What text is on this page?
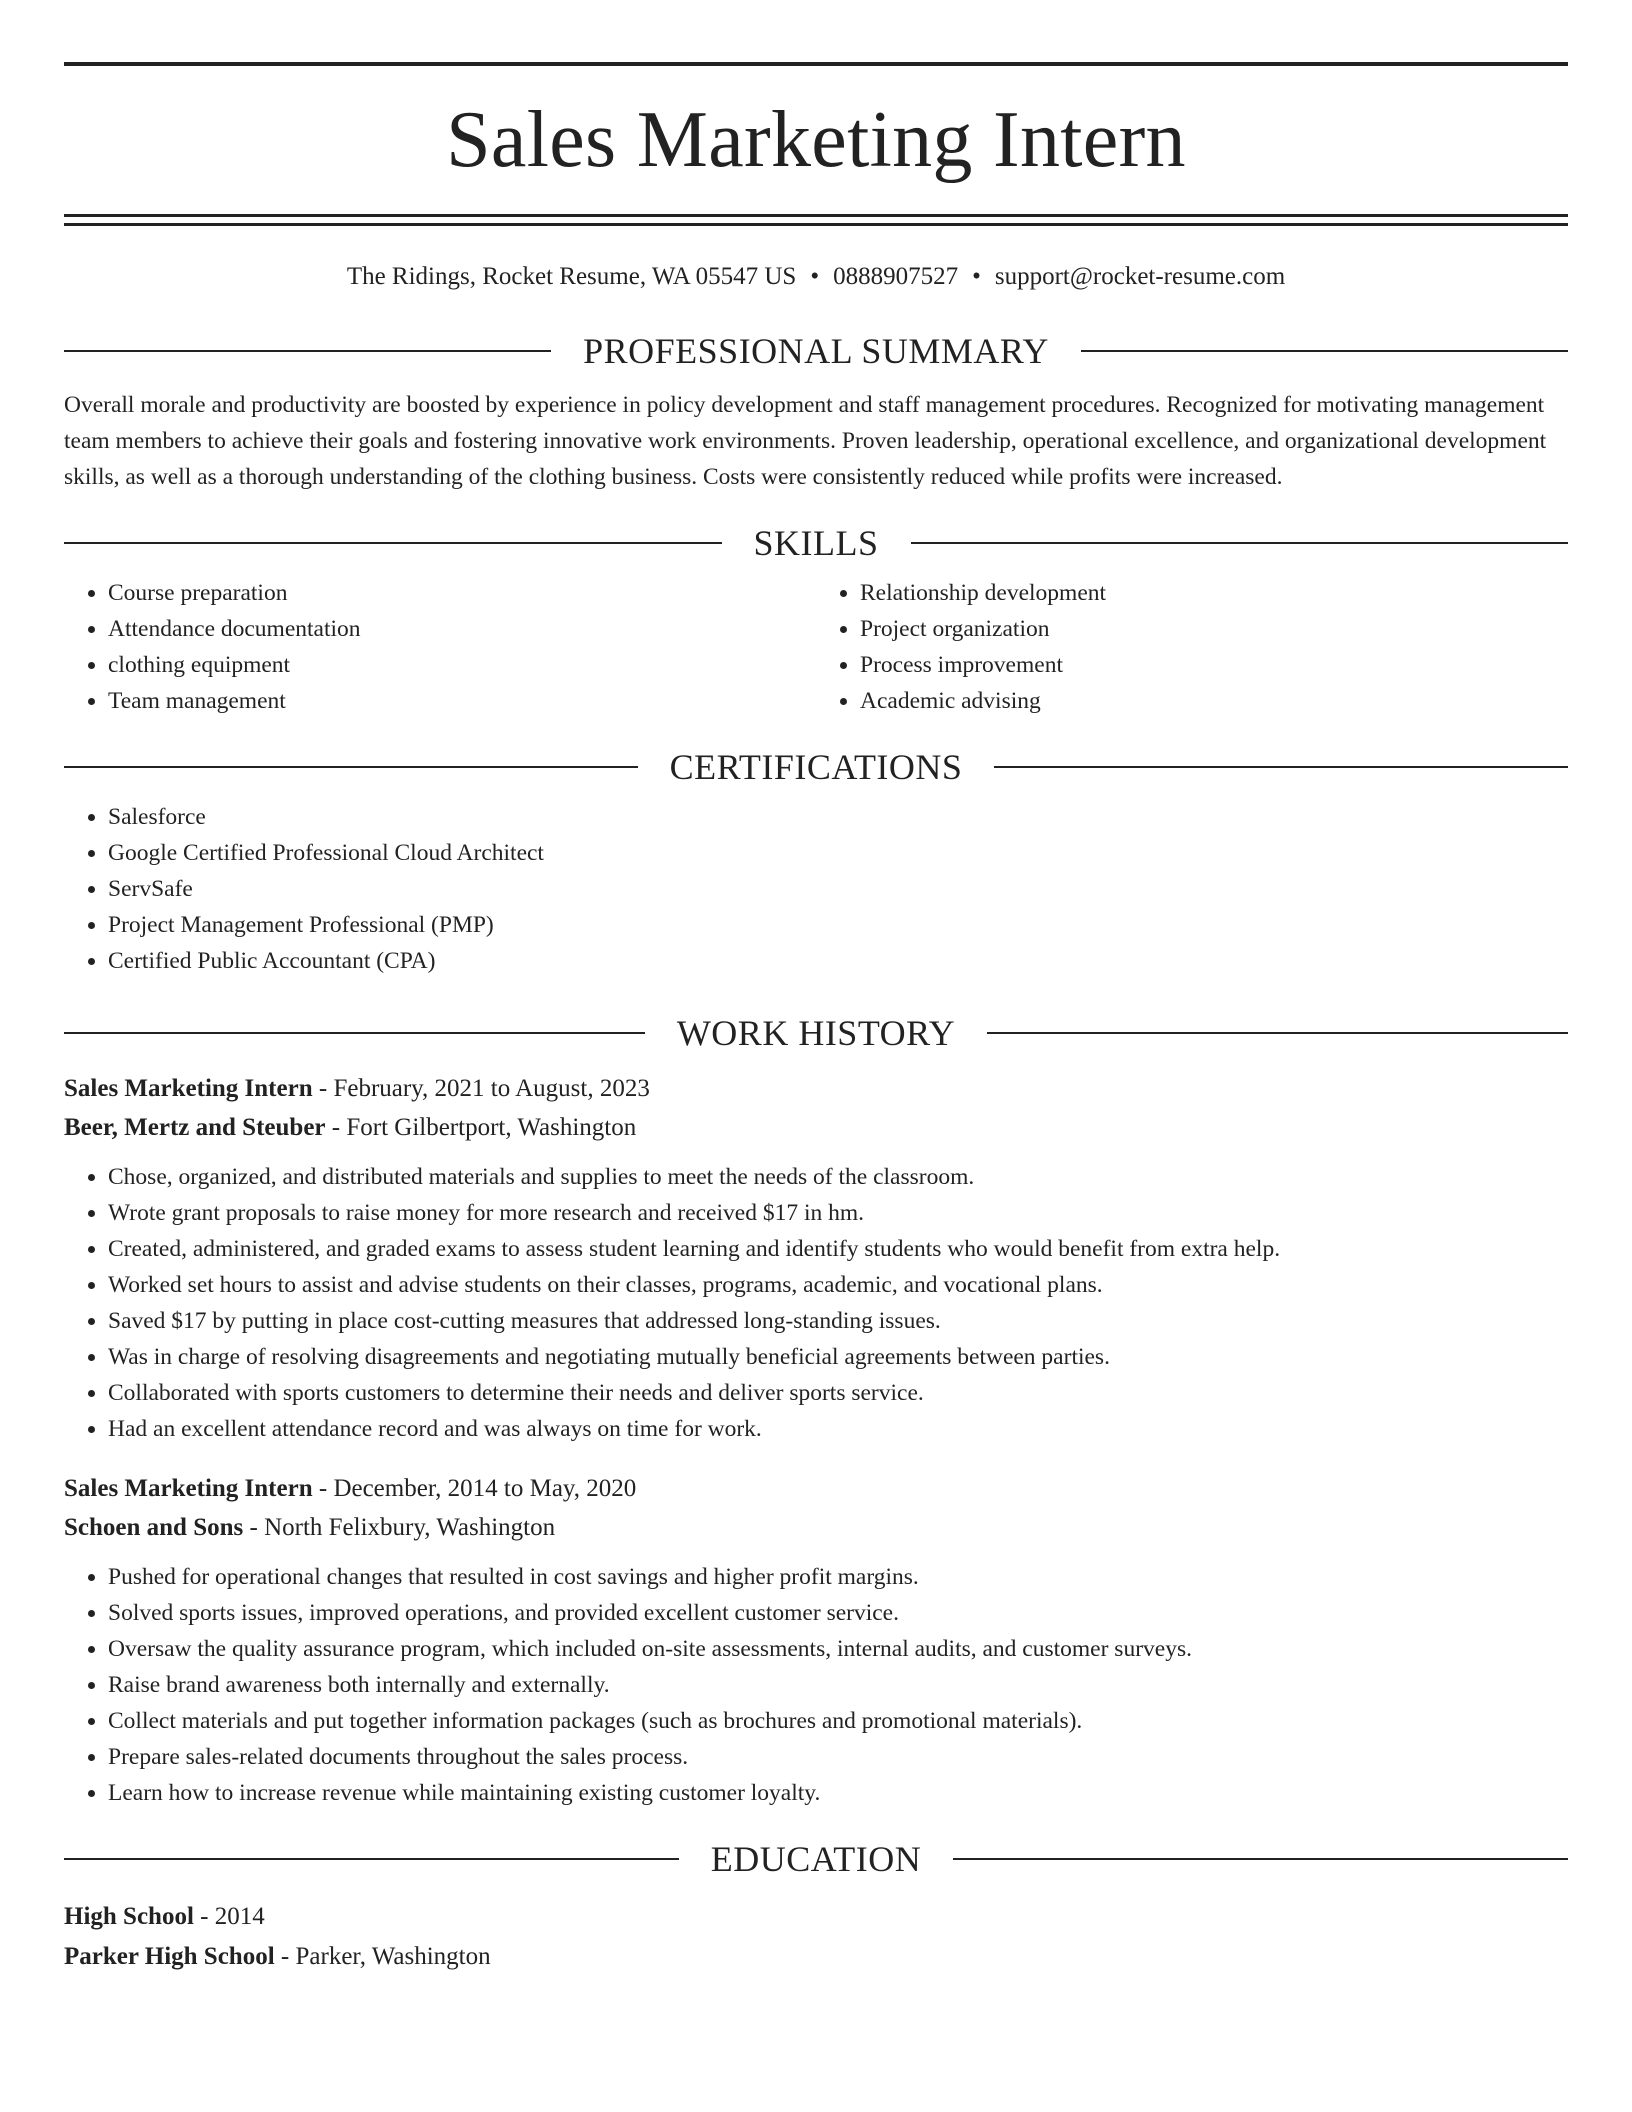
Sales Marketing Intern
The Ridings, Rocket Resume, WA 05547 US • 0888907527 • support@rocket-resume.com
PROFESSIONAL SUMMARY

Overall morale and productivity are boosted by experience in policy development and staff management procedures. Recognized for motivating management team members to achieve their goals and fostering innovative work environments. Proven leadership, operational excellence, and organizational development skills, as well as a thorough understanding of the clothing business. Costs were consistently reduced while profits were increased.

SKILLS
• Course preparation
• Attendance documentation
• clothing equipment
• Team management
• Relationship development
• Project organization
• Process improvement
• Academic advising
CERTIFICATIONS
• Salesforce
• Google Certified Professional Cloud Architect
• ServSafe
• Project Management Professional (PMP)
• Certified Public Accountant (CPA)
WORK HISTORY
Sales Marketing Intern - February, 2021 to August, 2023
Beer, Mertz and Steuber - Fort Gilbertport, Washington
• Chose, organized, and distributed materials and supplies to meet the needs of the classroom.
• Wrote grant proposals to raise money for more research and received $17 in hm.
• Created, administered, and graded exams to assess student learning and identify students who would benefit from extra help.
• Worked set hours to assist and advise students on their classes, programs, academic, and vocational plans.
• Saved $17 by putting in place cost-cutting measures that addressed long-standing issues.
• Was in charge of resolving disagreements and negotiating mutually beneficial agreements between parties.
• Collaborated with sports customers to determine their needs and deliver sports service.
• Had an excellent attendance record and was always on time for work.
Sales Marketing Intern - December, 2014 to May, 2020
Schoen and Sons - North Felixbury, Washington
• Pushed for operational changes that resulted in cost savings and higher profit margins.
• Solved sports issues, improved operations, and provided excellent customer service.
• Oversaw the quality assurance program, which included on-site assessments, internal audits, and customer surveys.
• Raise brand awareness both internally and externally.
• Collect materials and put together information packages (such as brochures and promotional materials).
• Prepare sales-related documents throughout the sales process.
• Learn how to increase revenue while maintaining existing customer loyalty.
EDUCATION
High School - 2014
Parker High School - Parker, Washington
